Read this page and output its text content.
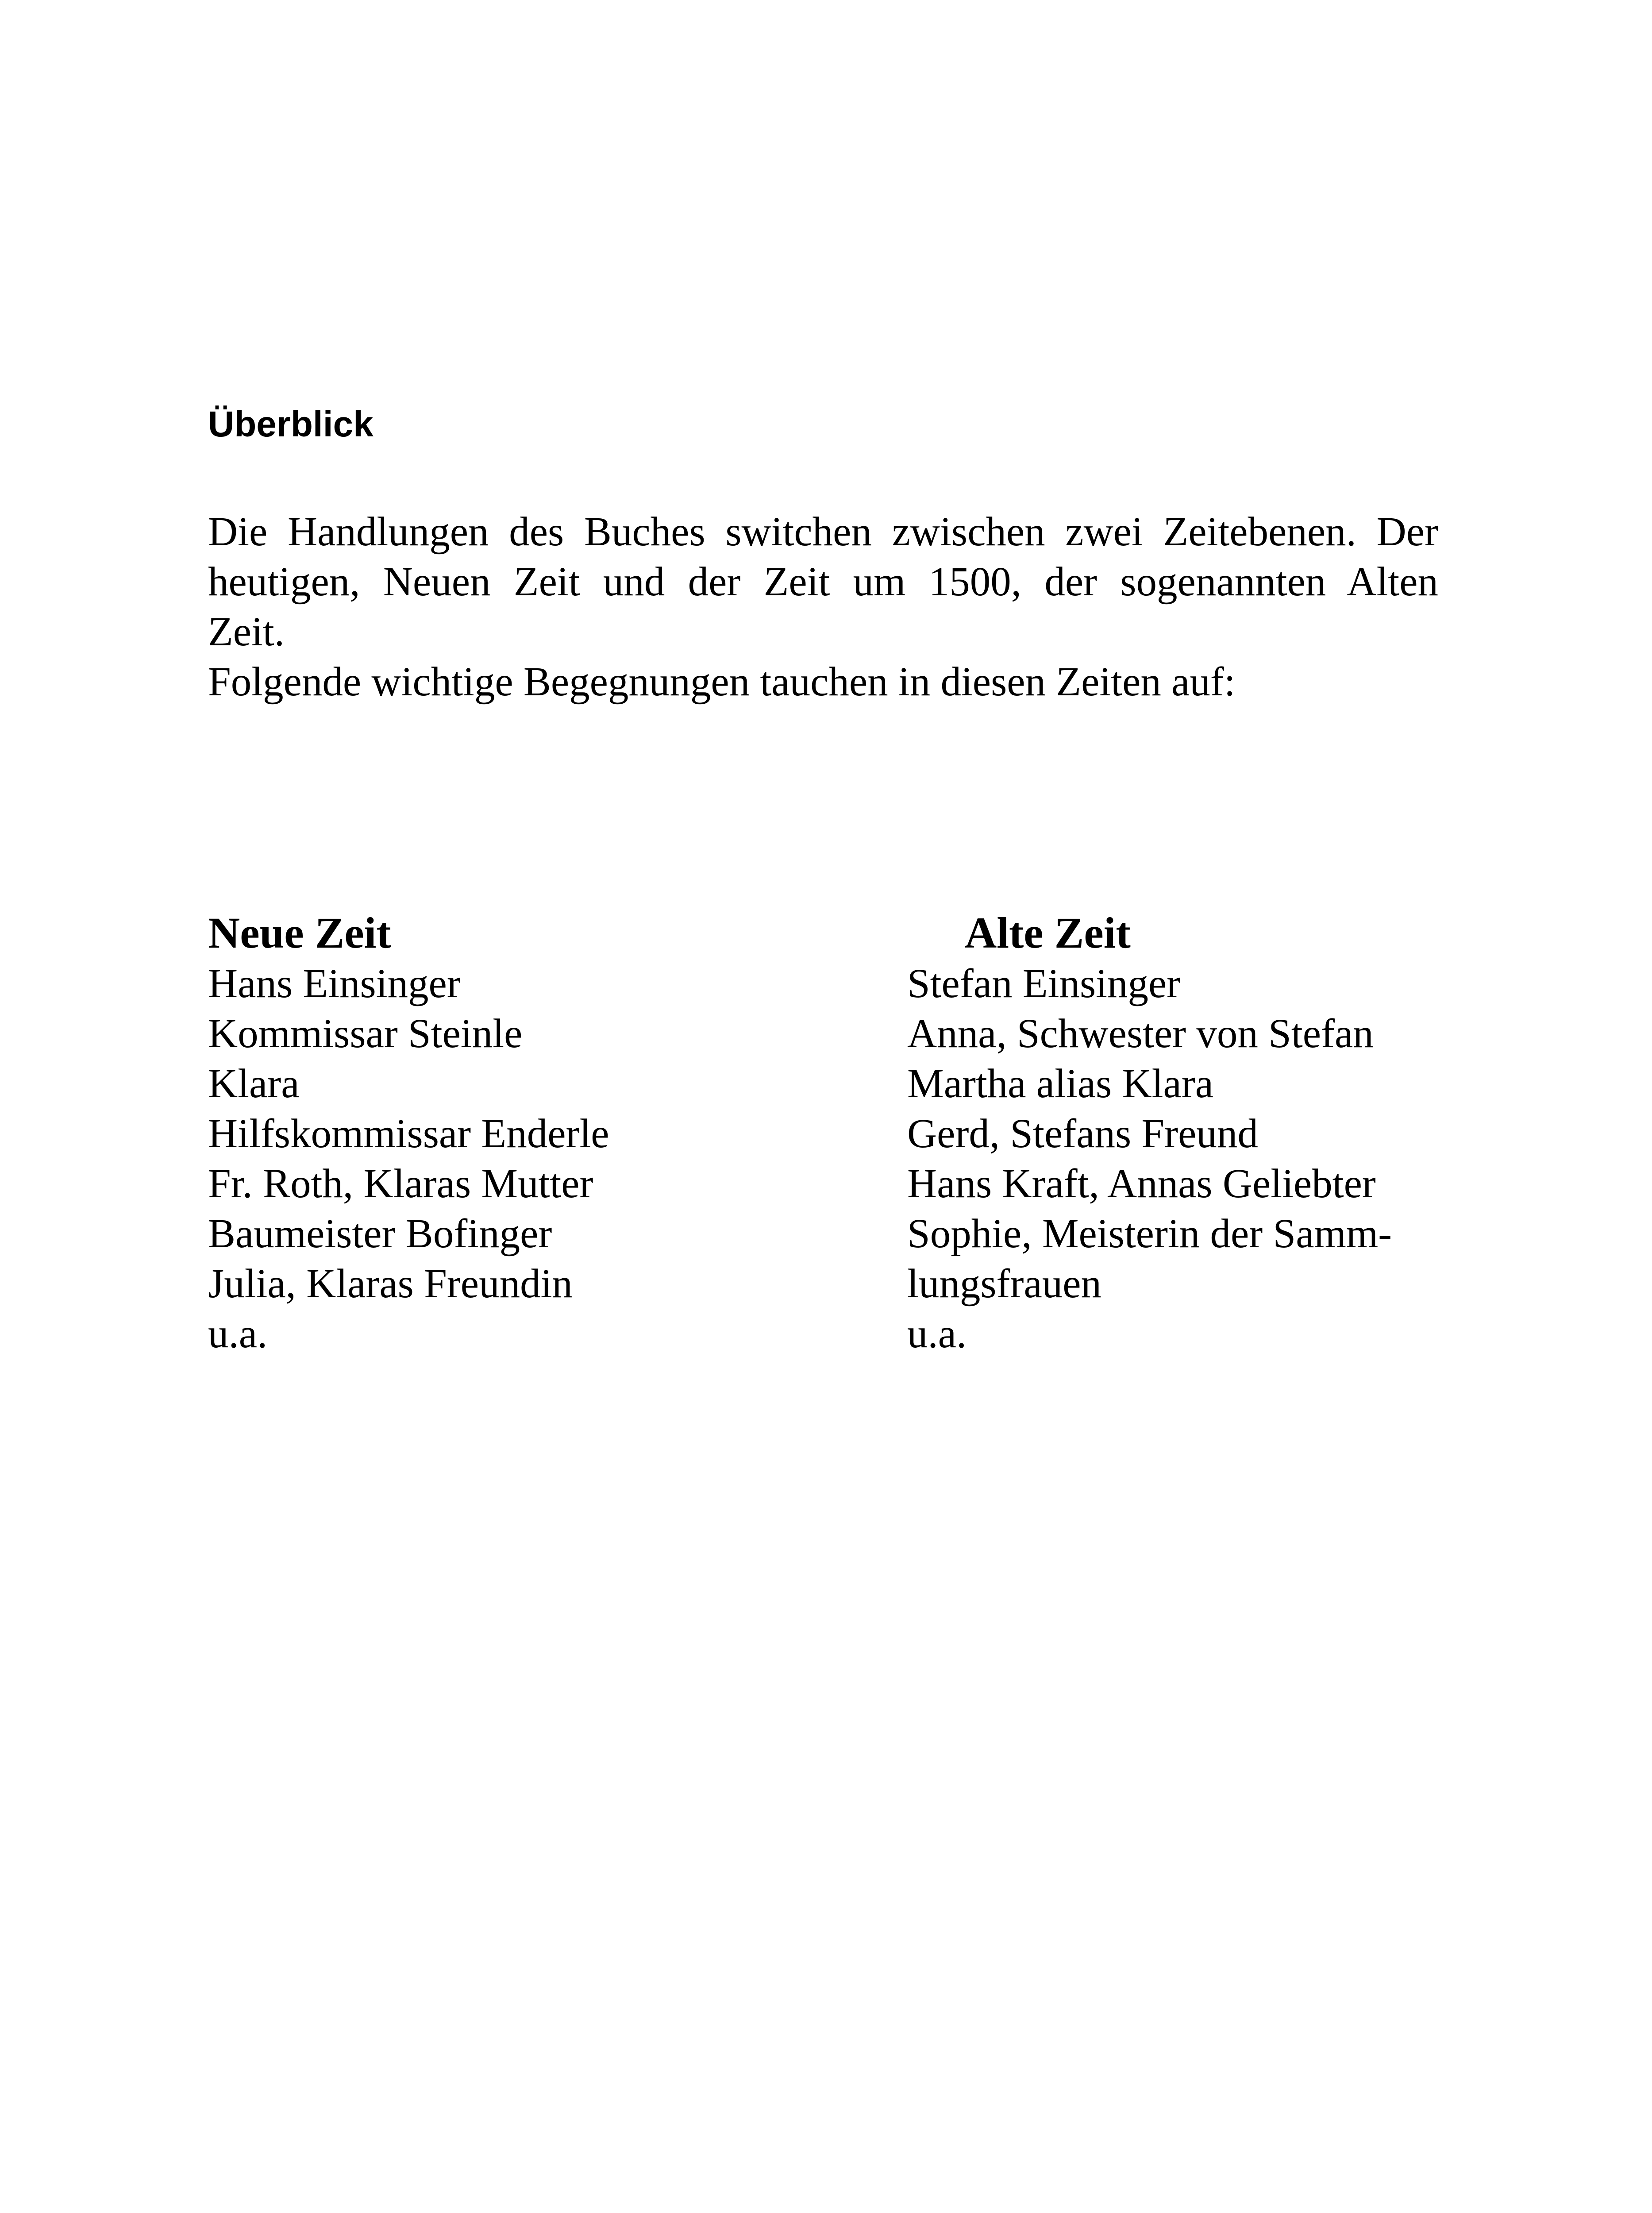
Überblick

Die Handlungen des Buches switchen zwischen zwei Zeitebenen. Der

heutigen, Neuen Zeit und der Zeit um 1500, der sogenannten Alten

Zeit.

Folgende wichtige Begegnungen tauchen in diesen Zeiten auf:

Neue Zeit
Hans Einsinger
Kommissar Steinle
Klara
Hilfskommissar Enderle
Fr. Roth, Klaras Mutter
Baumeister Bofinger
Julia, Klaras Freundin
u.a.
Alte Zeit
Stefan Einsinger
Anna, Schwester von Stefan
Martha alias Klara
Gerd, Stefans Freund
Hans Kraft, Annas Geliebter
Sophie, Meisterin der Samm-
lungsfrauen
u.a.
